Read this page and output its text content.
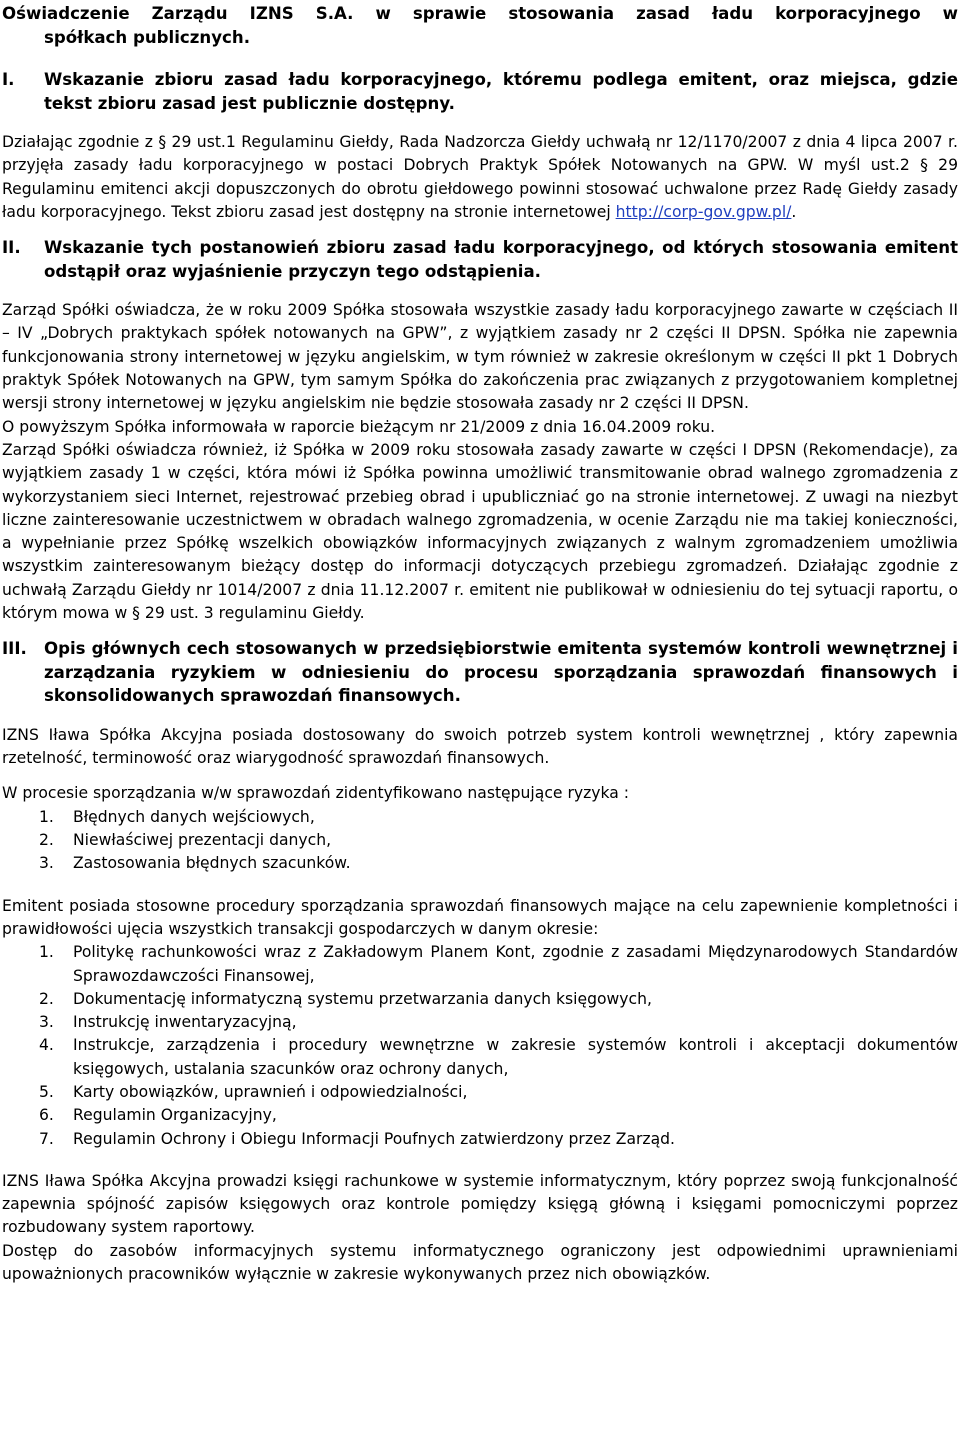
Oświadczenie Zarządu IZNS S.A. w sprawie stosowania zasad ładu korporacyjnego w

spółkach publicznych.
I.	Wskazanie zbioru zasad ładu korporacyjnego, któremu podlega emitent, oraz miejsca, gdzie tekst zbioru zasad jest publicznie dostępny.

Działając zgodnie z § 29 ust.1 Regulaminu Giełdy, Rada Nadzorcza Giełdy uchwałą nr 12/1170/2007 z dnia 4 lipca 2007 r. przyjęła zasady ładu korporacyjnego w postaci Dobrych Praktyk Spółek Notowanych na GPW. W myśl ust.2 § 29 Regulaminu emitenci akcji dopuszczonych do obrotu giełdowego powinni stosować uchwalone przez Radę Giełdy zasady ładu korporacyjnego. Tekst zbioru zasad jest dostępny na stronie internetowej http://corp-gov.gpw.pl/.

II.	Wskazanie tych postanowień zbioru zasad ładu korporacyjnego, od których stosowania emitent odstąpił oraz wyjaśnienie przyczyn tego odstąpienia.

Zarząd Spółki oświadcza, że w roku 2009 Spółka stosowała wszystkie zasady ładu korporacyjnego zawarte w częściach II – IV „Dobrych praktykach spółek notowanych na GPW”, z wyjątkiem zasady nr 2 części II DPSN. Spółka nie zapewnia funkcjonowania strony internetowej w języku angielskim, w tym również w zakresie określonym w części II pkt 1 Dobrych praktyk Spółek Notowanych na GPW, tym samym Spółka do zakończenia prac związanych z przygotowaniem kompletnej wersji strony internetowej w języku angielskim nie będzie stosowała zasady nr 2 części II DPSN.

O powyższym Spółka informowała w raporcie bieżącym nr 21/2009 z dnia 16.04.2009 roku.

Zarząd Spółki oświadcza również, iż Spółka w 2009 roku stosowała zasady zawarte w części I DPSN (Rekomendacje), za wyjątkiem zasady 1 w części, która mówi iż Spółka powinna umożliwić transmitowanie obrad walnego zgromadzenia z wykorzystaniem sieci Internet, rejestrować przebieg obrad i upubliczniać go na stronie internetowej. Z uwagi na niezbyt liczne zainteresowanie uczestnictwem w obradach walnego zgromadzenia, w ocenie Zarządu nie ma takiej konieczności, a wypełnianie przez Spółkę wszelkich obowiązków informacyjnych związanych z walnym zgromadzeniem umożliwia wszystkim zainteresowanym bieżący dostęp do informacji dotyczących przebiegu zgromadzeń. Działając zgodnie z uchwałą Zarządu Giełdy nr 1014/2007 z dnia 11.12.2007 r. emitent nie publikował w odniesieniu do tej sytuacji raportu, o którym mowa w § 29 ust. 3 regulaminu Giełdy.

III.	Opis głównych cech stosowanych w przedsiębiorstwie emitenta systemów kontroli wewnętrznej i zarządzania ryzykiem w odniesieniu do procesu sporządzania sprawozdań finansowych i skonsolidowanych sprawozdań finansowych.

IZNS Iława Spółka Akcyjna posiada dostosowany do swoich potrzeb system kontroli wewnętrznej , który zapewnia rzetelność, terminowość oraz wiarygodność sprawozdań finansowych.

W procesie sporządzania w/w sprawozdań zidentyfikowano następujące ryzyka :

1.	Błędnych danych wejściowych,
2.	Niewłaściwej prezentacji danych,
3.	Zastosowania błędnych szacunków.

Emitent posiada stosowne procedury sporządzania sprawozdań finansowych mające na celu zapewnienie kompletności i prawidłowości ujęcia wszystkich transakcji gospodarczych w danym okresie:

1.	Politykę rachunkowości wraz z Zakładowym Planem Kont, zgodnie z zasadami Międzynarodowych Standardów Sprawozdawczości Finansowej,
2.	Dokumentację informatyczną systemu przetwarzania danych księgowych,
3.	Instrukcję inwentaryzacyjną,
4.	Instrukcje, zarządzenia i procedury wewnętrzne w zakresie systemów kontroli i akceptacji dokumentów księgowych, ustalania szacunków oraz ochrony danych,
5.	Karty obowiązków, uprawnień i odpowiedzialności,
6.	Regulamin Organizacyjny,
7.	Regulamin Ochrony i Obiegu Informacji Poufnych zatwierdzony przez Zarząd.

IZNS Iława Spółka Akcyjna prowadzi księgi rachunkowe w systemie informatycznym, który poprzez swoją funkcjonalność zapewnia spójność zapisów księgowych oraz kontrole pomiędzy księgą główną i księgami pomocniczymi poprzez rozbudowany system raportowy.

Dostęp do zasobów informacyjnych systemu informatycznego ograniczony jest odpowiednimi uprawnieniami upoważnionych pracowników wyłącznie w zakresie wykonywanych przez nich obowiązków.
